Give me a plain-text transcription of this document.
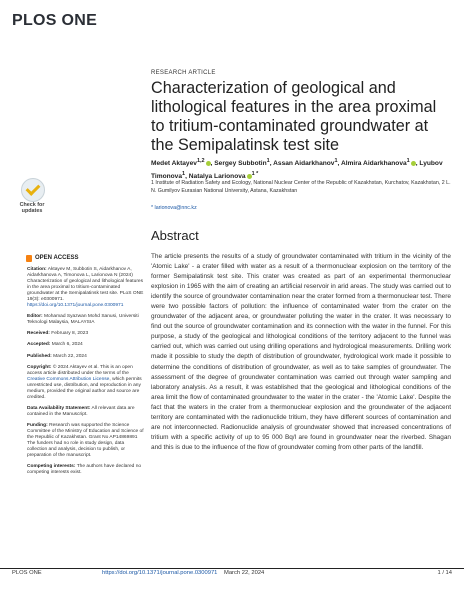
PLOS ONE
RESEARCH ARTICLE
Characterization of geological and lithological features in the area proximal to tritium-contaminated groundwater at the Semipalatinsk test site
Medet Aktayev$^{1,2}$ , Sergey Subbotin$^1$, Assan Aidarkhanov$^1$, Almira Aidarkhanova$^1$ , Lyubov Timonova$^1$, Natalya Larionova $^{1 *}$
1 Institute of Radiation Safety and Ecology, National Nuclear Center of the Republic of Kazakhstan, Kurchatov, Kazakhstan, 2 L. N. Gumilyov Eurasian National University, Astana, Kazakhstan
* larionova@nnc.kz
Check for updates
Abstract
The article presents the results of a study of groundwater contaminated with tritium in the vicinity of the 'Atomic Lake' - a crater filled with water as a result of a thermonuclear explosion on the territory of the former Semipalatinsk test site. This crater was created as part of an experimental thermonuclear explosion in 1965 with the aim of creating an artificial reservoir in arid areas. The study was carried out to identify the source of groundwater contamination near the crater formed from a thermonuclear test. There were two possible factors of pollution: the influence of contaminated water from the crater on the groundwater of the adjacent area, or groundwater polluting the water in the crater. It was necessary to find out the source of groundwater contamination and its connection with the water in the funnel. For this purpose, a study of the geological and lithological conditions of the territory adjacent to the funnel was carried out, which was carried out using drilling operations and hydrological measurements. Drilling work made it possible to study the depth of distribution of groundwater, hydrological work made it possible to determine the conditions of distribution of groundwater, as well as to take samples of groundwater. The assessment of the degree of groundwater contamination was carried out through water sampling and laboratory analysis. As a result, it was established that the geological and lithological conditions of the area limit the flow of contaminated groundwater to the water in the crater - the 'Atomic Lake'. Despite the fact that the waters in the crater from a thermonuclear explosion and the groundwater of the adjacent territory are contaminated with the radionuclide tritium, they have different sources of contamination and are not interconnected. Radionuclide analysis of groundwater showed that increased concentrations of tritium with a specific activity of up to 95 000 Bq/l are found in groundwater near the riverbed. Shagan and this is due to the influence of the flow of groundwater coming from other parts of the landfill.
OPEN ACCESS

Citation: Aktayev M, Subbotin S, Aidarkhanov A, Aidarkhanova A, Timonova L, Larionova N (2024) Characterization of geological and lithological features in the area proximal to tritium-contaminated groundwater at the Semipalatinsk test site. PLoS ONE 19(3): e0300971. https://doi.org/10.1371/journal.pone.0300971

Editor: Mohamad Syazwan Mohd Sanusi, Universiti Teknologi Malaysia, MALAYSIA

Received: February 8, 2023

Accepted: March 6, 2024

Published: March 22, 2024

Copyright: © 2024 Aktayev et al. This is an open access article distributed under the terms of the Creative Commons Attribution License, which permits unrestricted use, distribution, and reproduction in any medium, provided the original author and source are credited.

Data Availability Statement: All relevant data are contained in the Manuscript.

Funding: Research was supported the Science Committee of the Ministry of Education and Science of the Republic of Kazakhstan. Grant No AP14869891 The funders had no role in study design, data collection and analysis, decision to publish, or preparation of the manuscript.

Competing interests: The authors have declared no competing interests exist.

PLOS ONE	https://doi.org/10.1371/journal.pone.0300971 March 22, 2024	1 / 14
